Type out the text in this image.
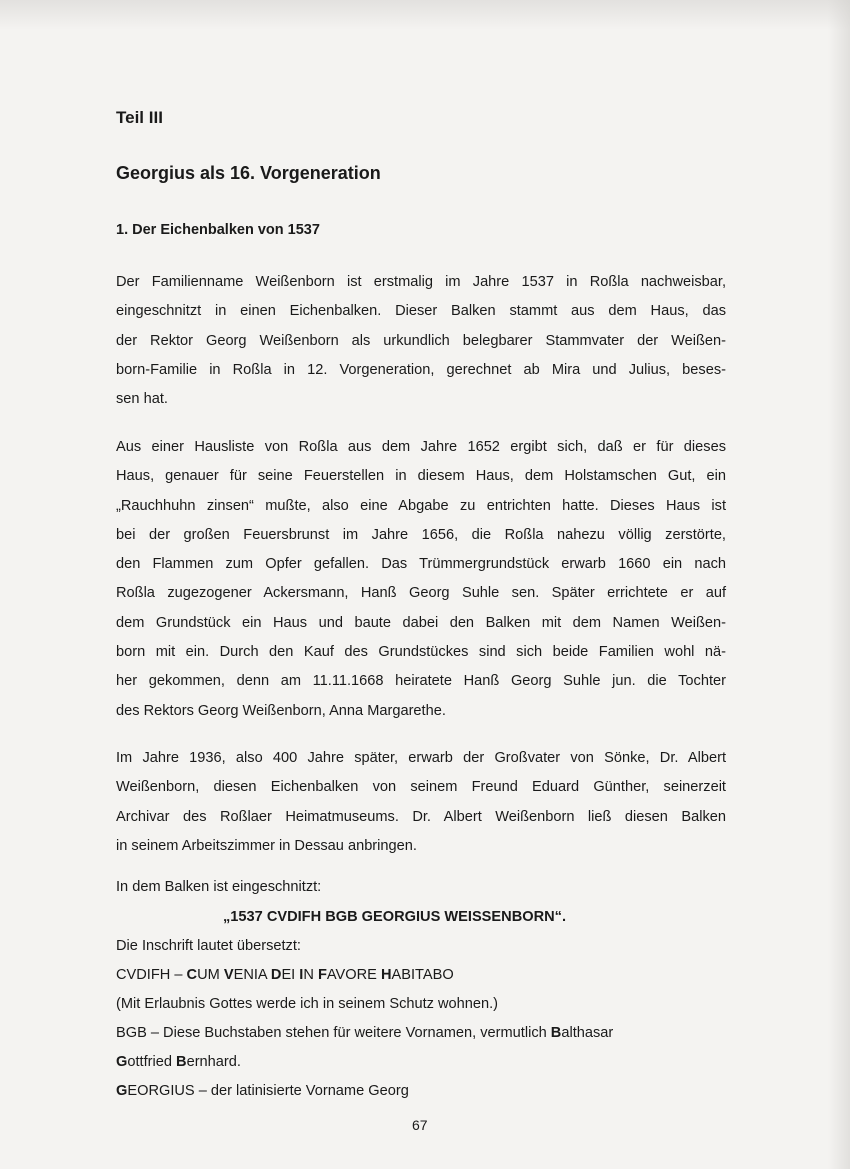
Teil III
Georgius als 16. Vorgeneration
1. Der Eichenbalken von 1537
Der Familienname Weißenborn ist erstmalig im Jahre 1537 in Roßla nachweisbar,
eingeschnitzt in einen Eichenbalken. Dieser Balken stammt aus dem Haus, das
der Rektor Georg Weißenborn als urkundlich belegbarer Stammvater der Weißen-
born-Familie in Roßla in 12. Vorgeneration, gerechnet ab Mira und Julius, beses-
sen hat.
Aus einer Hausliste von Roßla aus dem Jahre 1652 ergibt sich, daß er für dieses
Haus, genauer für seine Feuerstellen in diesem Haus, dem Holstamschen Gut, ein
„Rauchhuhn zinsen“ mußte, also eine Abgabe zu entrichten hatte. Dieses Haus ist
bei der großen Feuersbrunst im Jahre 1656, die Roßla nahezu völlig zerstörte,
den Flammen zum Opfer gefallen. Das Trümmergrundstück erwarb 1660 ein nach
Roßla zugezogener Ackersmann, Hanß Georg Suhle sen. Später errichtete er auf
dem Grundstück ein Haus und baute dabei den Balken mit dem Namen Weißen-
born mit ein. Durch den Kauf des Grundstückes sind sich beide Familien wohl nä-
her gekommen, denn am 11.11.1668 heiratete Hanß Georg Suhle jun. die Tochter
des Rektors Georg Weißenborn, Anna Margarethe.
Im Jahre 1936, also 400 Jahre später, erwarb der Großvater von Sönke, Dr. Albert
Weißenborn, diesen Eichenbalken von seinem Freund Eduard Günther, seinerzeit
Archivar des Roßlaer Heimatmuseums. Dr. Albert Weißenborn ließ diesen Balken
in seinem Arbeitszimmer in Dessau anbringen.
In dem Balken ist eingeschnitzt:
„1537 CVDIFH BGB GEORGIUS WEISSENBORN“.
Die Inschrift lautet übersetzt:
CVDIFH – CUM VENIA DEI IN FAVORE HABITABO
(Mit Erlaubnis Gottes werde ich in seinem Schutz wohnen.)
BGB – Diese Buchstaben stehen für weitere Vornamen, vermutlich Balthasar
Gottfried Bernhard.
GEORGIUS – der latinisierte Vorname Georg
67
